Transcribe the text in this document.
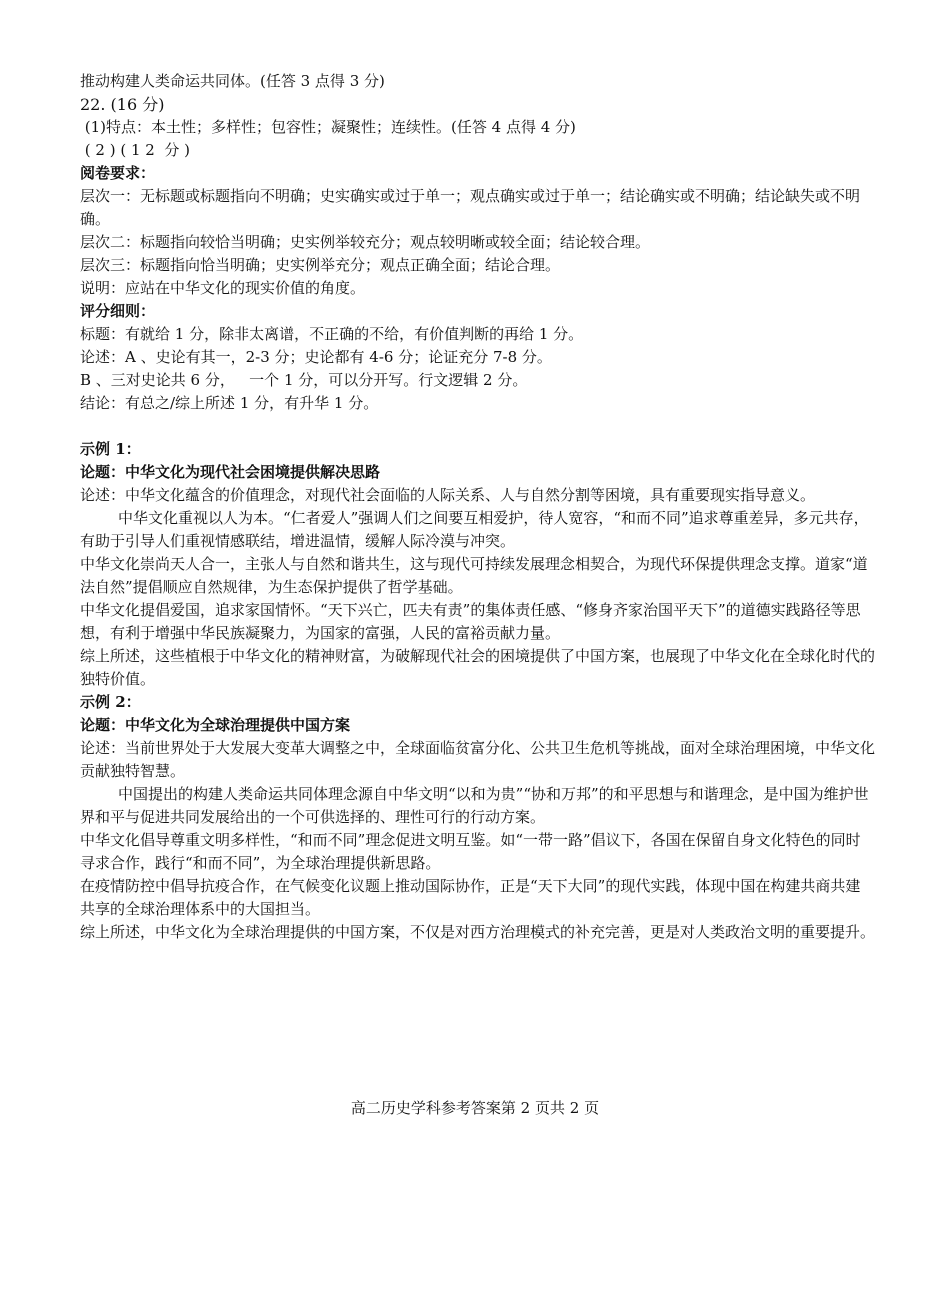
推动构建人类命运共同体。(任答 3 点得 3 分)

22. (16 分)

(1)特点：本土性；多样性；包容性；凝聚性；连续性。(任答 4 点得 4 分)

( 2 ) ( 1 2  分 )

阅卷要求：

层次一：无标题或标题指向不明确；史实确实或过于单一；观点确实或过于单一；结论确实或不明确；结论缺失或不明确。

层次二：标题指向较恰当明确；史实例举较充分；观点较明晰或较全面；结论较合理。

层次三：标题指向恰当明确；史实例举充分；观点正确全面；结论合理。

说明：应站在中华文化的现实价值的角度。

评分细则：

标题：有就给 1 分，除非太离谱，不正确的不给，有价值判断的再给 1 分。

论述：A 、史论有其一，2-3 分；史论都有 4-6 分；论证充分 7-8 分。

B 、三对史论共 6 分，   一个 1 分，可以分开写。行文逻辑 2 分。

结论：有总之/综上所述 1 分，有升华 1 分。

示例 1：

论题：中华文化为现代社会困境提供解决思路

论述：中华文化蕴含的价值理念，对现代社会面临的人际关系、人与自然分割等困境，具有重要现实指导意义。

中华文化重视以人为本。“仁者爱人”强调人们之间要互相爱护，待人宽容，“和而不同”追求尊重差异，多元共存，有助于引导人们重视情感联结，增进温情，缓解人际冷漠与冲突。

中华文化崇尚天人合一，主张人与自然和谐共生，这与现代可持续发展理念相契合，为现代环保提供理念支撑。道家“道法自然”提倡顺应自然规律，为生态保护提供了哲学基础。

中华文化提倡爱国，追求家国情怀。“天下兴亡，匹夫有责”的集体责任感、“修身齐家治国平天下”的道德实践路径等思想，有利于增强中华民族凝聚力，为国家的富强，人民的富裕贡献力量。

综上所述，这些植根于中华文化的精神财富，为破解现代社会的困境提供了中国方案，也展现了中华文化在全球化时代的独特价值。

示例 2：

论题：中华文化为全球治理提供中国方案

论述：当前世界处于大发展大变革大调整之中，全球面临贫富分化、公共卫生危机等挑战，面对全球治理困境，中华文化贡献独特智慧。

中国提出的构建人类命运共同体理念源自中华文明“以和为贵”“协和万邦”的和平思想与和谐理念，是中国为维护世界和平与促进共同发展给出的一个可供选择的、理性可行的行动方案。

中华文化倡导尊重文明多样性，“和而不同”理念促进文明互鉴。如“一带一路”倡议下，各国在保留自身文化特色的同时寻求合作，践行“和而不同”，为全球治理提供新思路。

在疫情防控中倡导抗疫合作，在气候变化议题上推动国际协作，正是“天下大同”的现代实践，体现中国在构建共商共建共享的全球治理体系中的大国担当。

综上所述，中华文化为全球治理提供的中国方案，不仅是对西方治理模式的补充完善，更是对人类政治文明的重要提升。

高二历史学科参考答案第 2 页共 2 页
